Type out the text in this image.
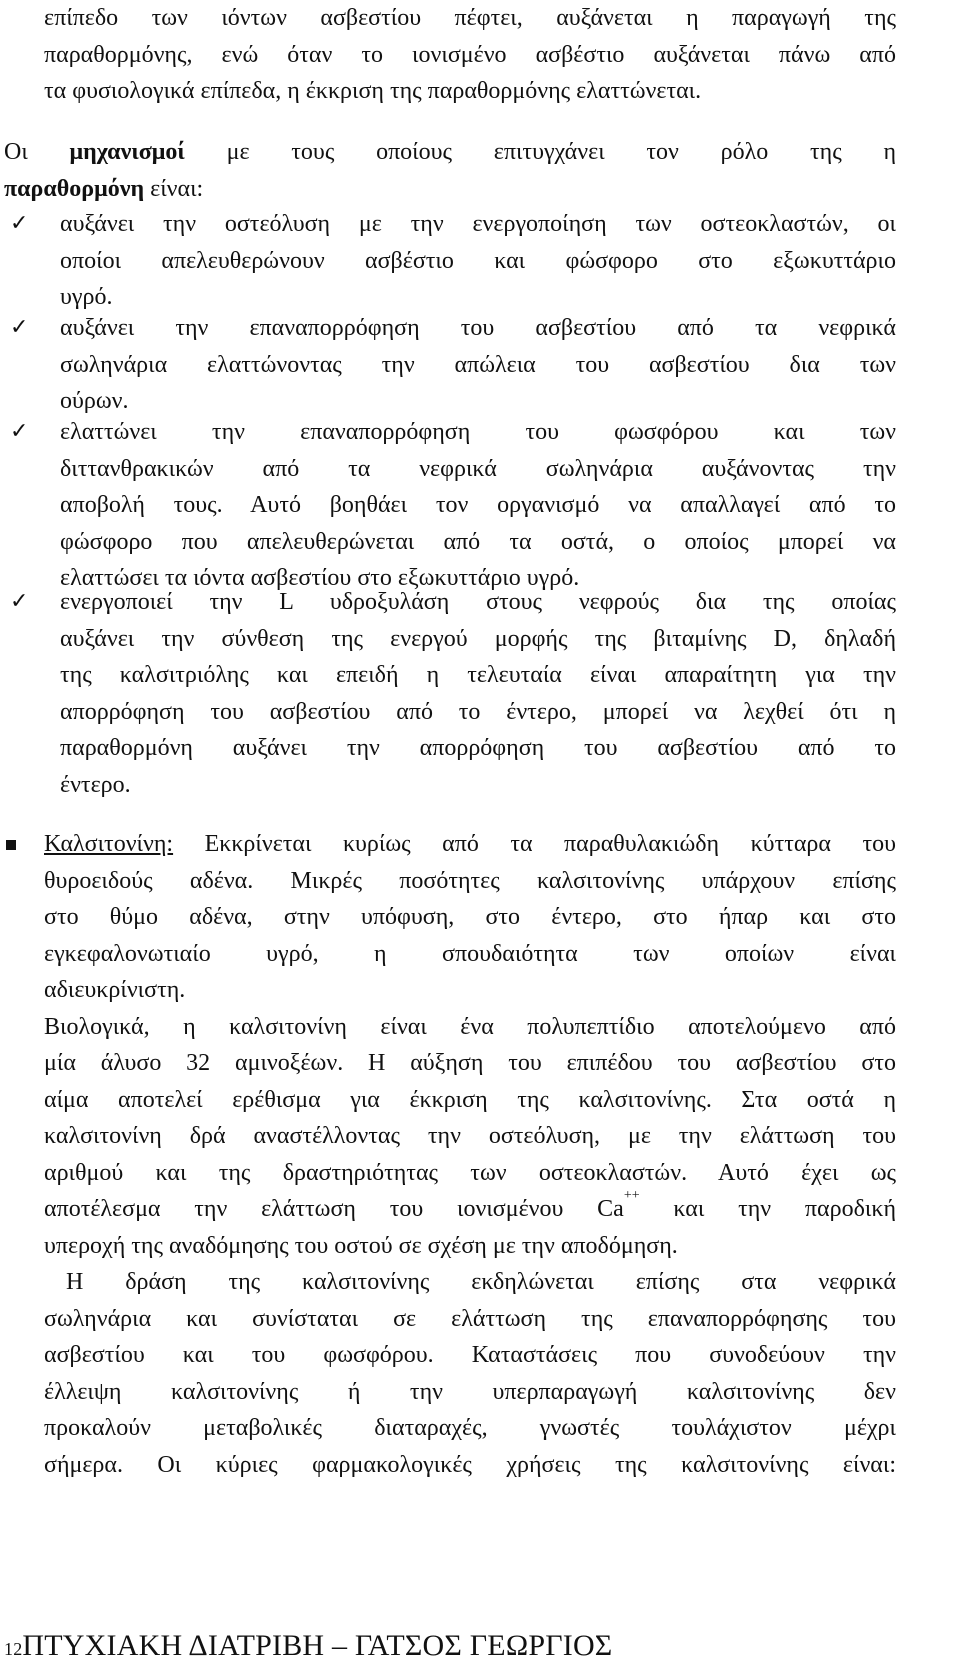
επίπεδο των ιόντων ασβεστίου πέφτει, αυξάνεται η παραγωγή της
παραθορμόνης, ενώ όταν το ιονισμένο ασβέστιο αυξάνεται πάνω από
τα φυσιολογικά επίπεδα, η έκκριση της παραθορμόνης ελαττώνεται.
Οι μηχανισμοί με τους οποίους επιτυγχάνει τον ρόλο της η
παραθορμόνη είναι:
✓ αυξάνει την οστεόλυση με την ενεργοποίηση των οστεοκλαστών, οι
οποίοι απελευθερώνουν ασβέστιο και φώσφορο στο εξωκυττάριο
υγρό.
✓ αυξάνει την επαναπορρόφηση του ασβεστίου από τα νεφρικά
σωληνάρια ελαττώνοντας την απώλεια του ασβεστίου δια των
ούρων.
✓ ελαττώνει την επαναπορρόφηση του φωσφόρου και των
διττανθρακικών από τα νεφρικά σωληνάρια αυξάνοντας την
αποβολή τους. Αυτό βοηθάει τον οργανισμό να απαλλαγεί από το
φώσφορο που απελευθερώνεται από τα οστά, ο οποίος μπορεί να
ελαττώσει τα ιόντα ασβεστίου στο εξωκυττάριο υγρό.
✓ ενεργοποιεί την L υδροξυλάση στους νεφρούς δια της οποίας
αυξάνει την σύνθεση της ενεργού μορφής της βιταμίνης D, δηλαδή
της καλσιτριόλης και επειδή η τελευταία είναι απαραίτητη για την
απορρόφηση του ασβεστίου από το έντερο, μπορεί να λεχθεί ότι η
παραθορμόνη αυξάνει την απορρόφηση του ασβεστίου από το
έντερο.
Καλσιτονίνη: Εκκρίνεται κυρίως από τα παραθυλακιώδη κύτταρα του
θυροειδούς αδένα. Μικρές ποσότητες καλσιτονίνης υπάρχουν επίσης
στο θύμο αδένα, στην υπόφυση, στο έντερο, στο ήπαρ και στο
εγκεφαλονωτιαίο υγρό, η σπουδαιότητα των οποίων είναι
αδιευκρίνιστη.
Βιολογικά, η καλσιτονίνη είναι ένα πολυπεπτίδιο αποτελούμενο από
μία άλυσο 32 αμινοξέων. Η αύξηση του επιπέδου του ασβεστίου στο
αίμα αποτελεί ερέθισμα για έκκριση της καλσιτονίνης. Στα οστά η
καλσιτονίνη δρά αναστέλλοντας την οστεόλυση, με την ελάττωση του
αριθμού και της δραστηριότητας των οστεοκλαστών. Αυτό έχει ως
αποτέλεσμα την ελάττωση του ιονισμένου Ca++ και την παροδική
υπεροχή της αναδόμησης του οστού σε σχέση με την αποδόμηση.
Η δράση της καλσιτονίνης εκδηλώνεται επίσης στα νεφρικά
σωληνάρια και συνίσταται σε ελάττωση της επαναπορρόφησης του
ασβεστίου και του φωσφόρου. Καταστάσεις που συνοδεύουν την
έλλειψη καλσιτονίνης ή την υπερπαραγωγή καλσιτονίνης δεν
προκαλούν μεταβολικές διαταραχές, γνωστές τουλάχιστον μέχρι
σήμερα. Οι κύριες φαρμακολογικές χρήσεις της καλσιτονίνης είναι:
12ΠΤΥΧΙΑΚΗ ΔΙΑΤΡΙΒΗ – ΓΑΤΣΟΣ ΓΕΩΡΓΙΟΣ
